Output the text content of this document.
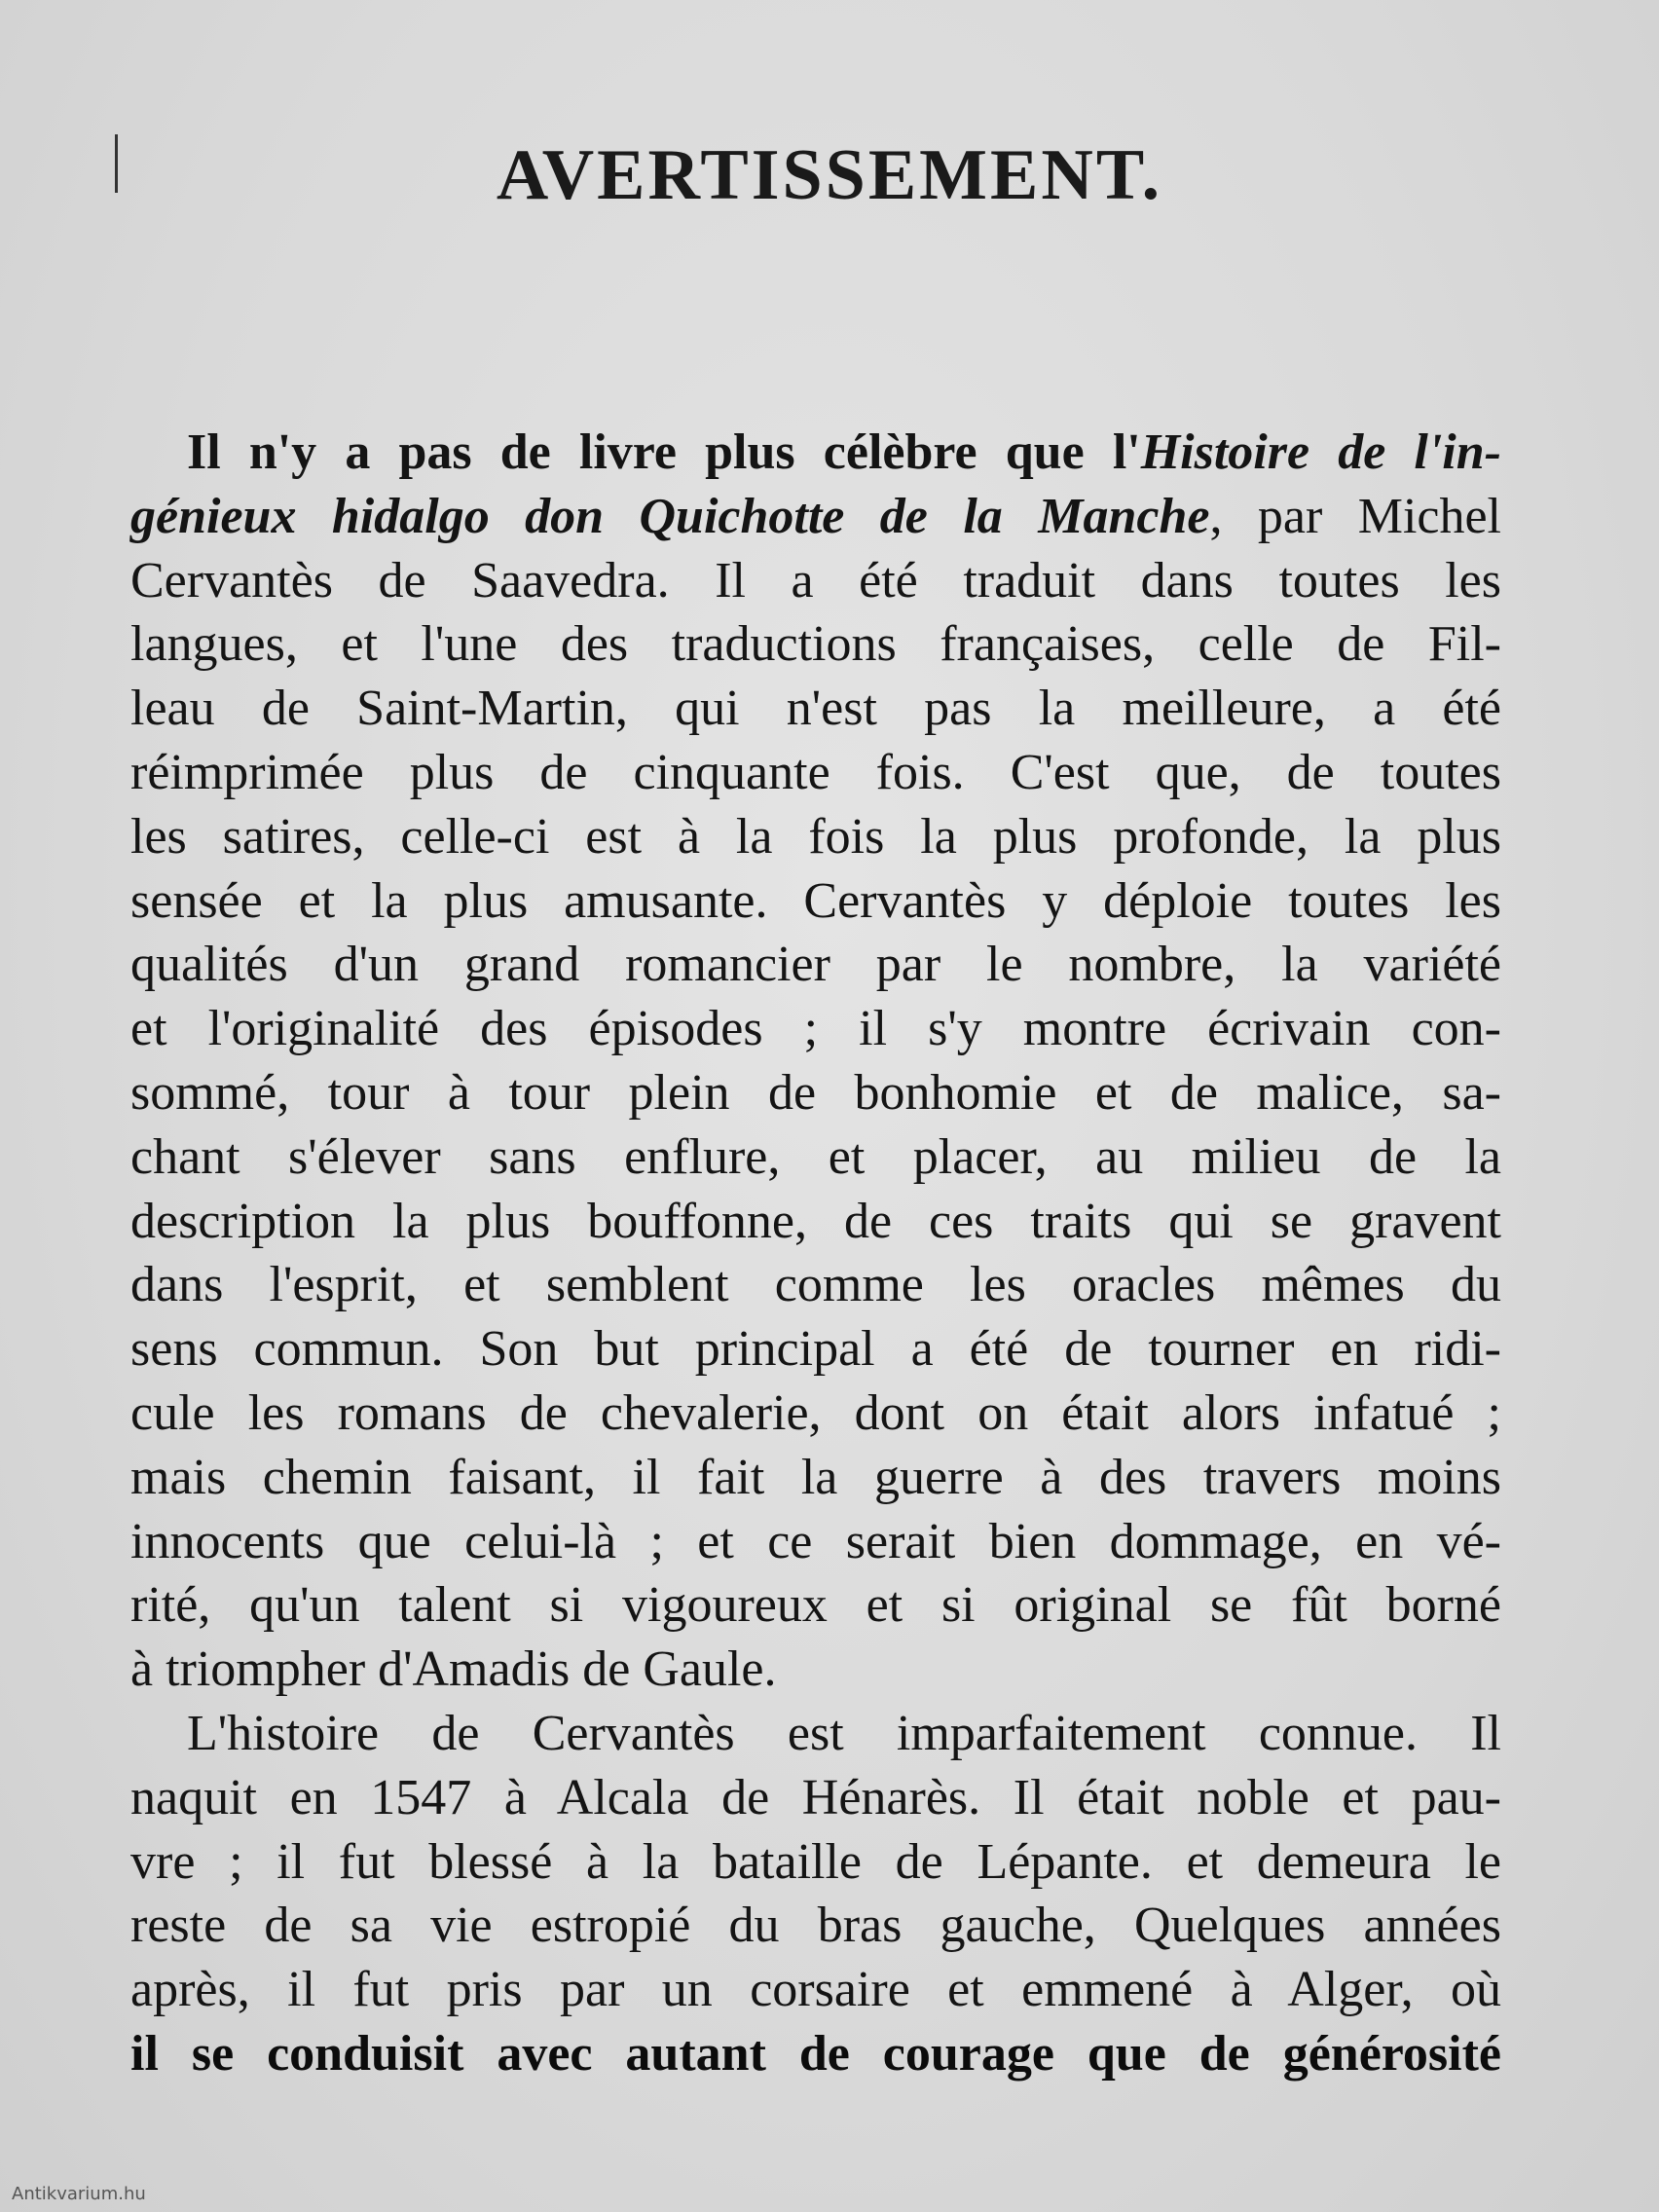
AVERTISSEMENT.
Il n'y a pas de livre plus célèbre que l'Histoire de l'in-
génieux hidalgo don Quichotte de la Manche, par Michel
Cervantès de Saavedra. Il a été traduit dans toutes les
langues, et l'une des traductions françaises, celle de Fil-
leau de Saint-Martin, qui n'est pas la meilleure, a été
réimprimée plus de cinquante fois. C'est que, de toutes
les satires, celle-ci est à la fois la plus profonde, la plus
sensée et la plus amusante. Cervantès y déploie toutes les
qualités d'un grand romancier par le nombre, la variété
et l'originalité des épisodes ; il s'y montre écrivain con-
sommé, tour à tour plein de bonhomie et de malice, sa-
chant s'élever sans enflure, et placer, au milieu de la
description la plus bouffonne, de ces traits qui se gravent
dans l'esprit, et semblent comme les oracles mêmes du
sens commun. Son but principal a été de tourner en ridi-
cule les romans de chevalerie, dont on était alors infatué ;
mais chemin faisant, il fait la guerre à des travers moins
innocents que celui-là ; et ce serait bien dommage, en vé-
rité, qu'un talent si vigoureux et si original se fût borné
à triompher d'Amadis de Gaule.
L'histoire de Cervantès est imparfaitement connue. Il
naquit en 1547 à Alcala de Hénarès. Il était noble et pau-
vre ; il fut blessé à la bataille de Lépante. et demeura le
reste de sa vie estropié du bras gauche, Quelques années
après, il fut pris par un corsaire et emmené à Alger, où
il se conduisit avec autant de courage que de générosité
Antikvarium.hu
